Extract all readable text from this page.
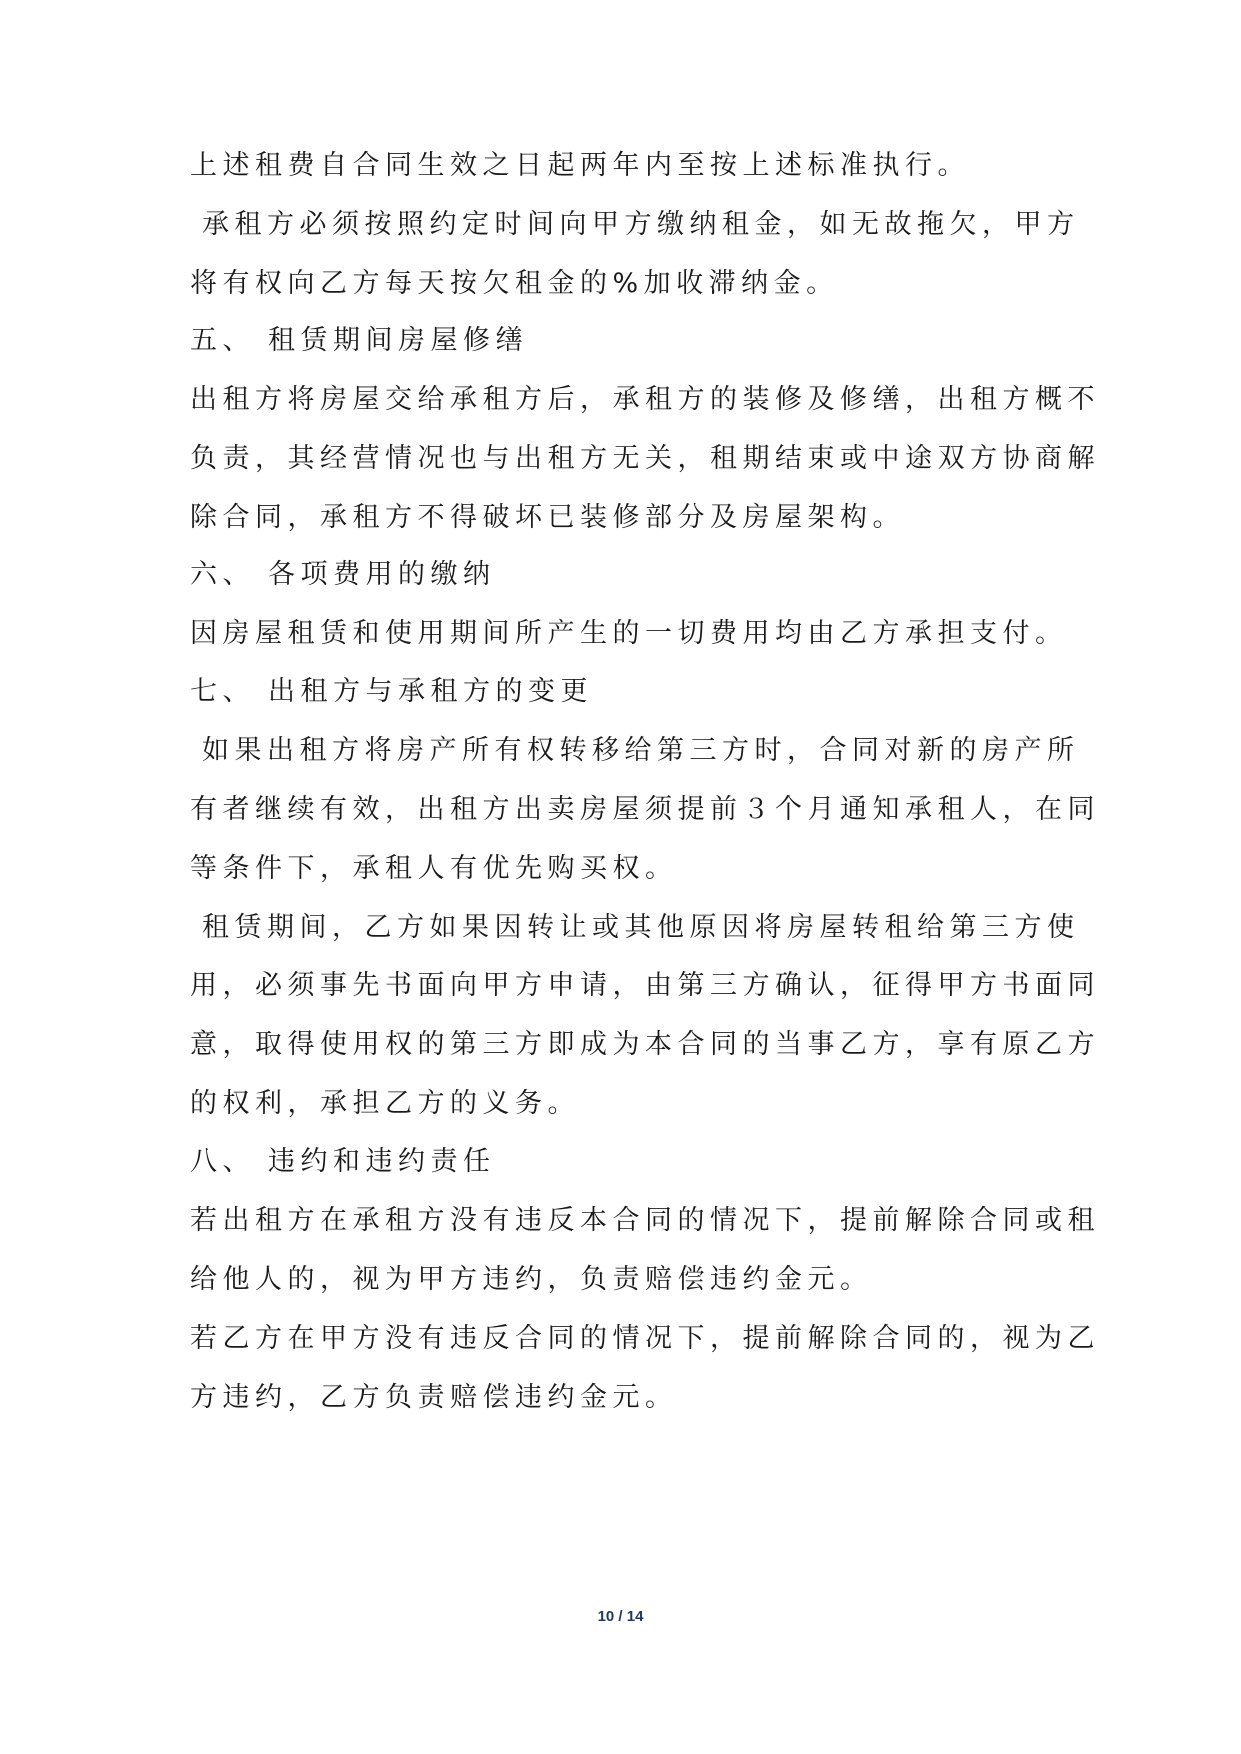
上述租费自合同生效之日起两年内至按上述标准执行。
承租方必须按照约定时间向甲方缴纳租金，如无故拖欠，甲方
将有权向乙方每天按欠租金的%加收滞纳金。
五、 租赁期间房屋修缮
出租方将房屋交给承租方后，承租方的装修及修缮，出租方概不
负责，其经营情况也与出租方无关，租期结束或中途双方协商解
除合同，承租方不得破坏已装修部分及房屋架构。
六、 各项费用的缴纳
因房屋租赁和使用期间所产生的一切费用均由乙方承担支付。
七、 出租方与承租方的变更
如果出租方将房产所有权转移给第三方时，合同对新的房产所
有者继续有效，出租方出卖房屋须提前３个月通知承租人，在同
等条件下，承租人有优先购买权。
租赁期间，乙方如果因转让或其他原因将房屋转租给第三方使
用，必须事先书面向甲方申请，由第三方确认，征得甲方书面同
意，取得使用权的第三方即成为本合同的当事乙方，享有原乙方
的权利，承担乙方的义务。
八、 违约和违约责任
若出租方在承租方没有违反本合同的情况下，提前解除合同或租
给他人的，视为甲方违约，负责赔偿违约金元。
若乙方在甲方没有违反合同的情况下，提前解除合同的，视为乙
方违约，乙方负责赔偿违约金元。
10 / 14
